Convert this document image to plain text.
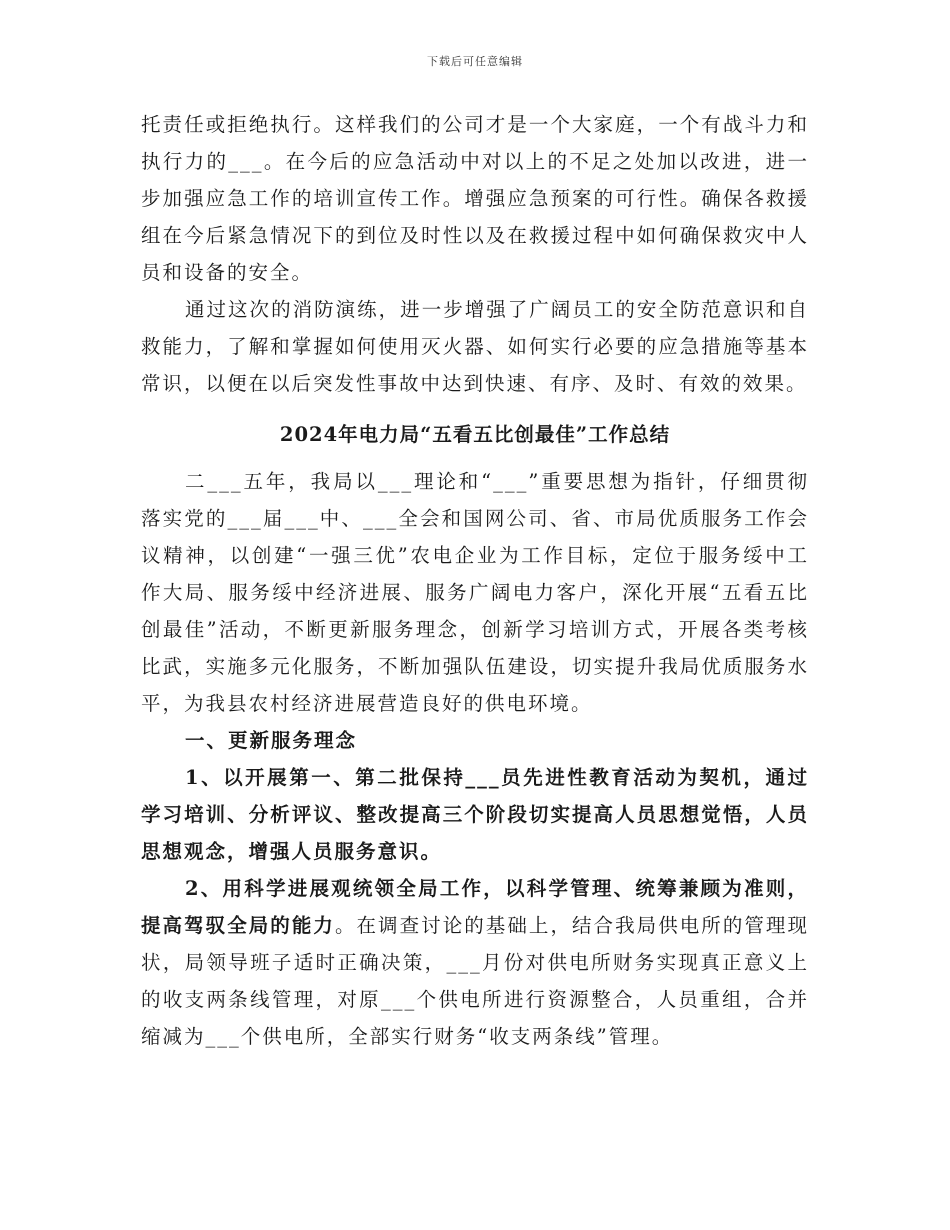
下载后可任意编辑

托责任或拒绝执行。这样我们的公司才是一个大家庭，一个有战斗力和执行力的___。在今后的应急活动中对以上的不足之处加以改进，进一步加强应急工作的培训宣传工作。增强应急预案的可行性。确保各救援组在今后紧急情况下的到位及时性以及在救援过程中如何确保救灾中人员和设备的安全。

通过这次的消防演练，进一步增强了广阔员工的安全防范意识和自救能力，了解和掌握如何使用灭火器、如何实行必要的应急措施等基本常识，以便在以后突发性事故中达到快速、有序、及时、有效的效果。

2024年电力局“五看五比创最佳”工作总结

二___五年，我局以___理论和“___”重要思想为指针，仔细贯彻落实党的___届___中、___全会和国网公司、省、市局优质服务工作会议精神，以创建“一强三优”农电企业为工作目标，定位于服务绥中工作大局、服务绥中经济进展、服务广阔电力客户，深化开展“五看五比创最佳”活动，不断更新服务理念，创新学习培训方式，开展各类考核比武，实施多元化服务，不断加强队伍建设，切实提升我局优质服务水平，为我县农村经济进展营造良好的供电环境。

一、更新服务理念

1、以开展第一、第二批保持___员先进性教育活动为契机，通过学习培训、分析评议、整改提高三个阶段切实提高人员思想觉悟，人员思想观念，增强人员服务意识。

2、用科学进展观统领全局工作，以科学管理、统筹兼顾为准则，提高驾驭全局的能力。在调查讨论的基础上，结合我局供电所的管理现状，局领导班子适时正确决策，___月份对供电所财务实现真正意义上的收支两条线管理，对原___个供电所进行资源整合，人员重组，合并缩减为___个供电所，全部实行财务“收支两条线”管理。
